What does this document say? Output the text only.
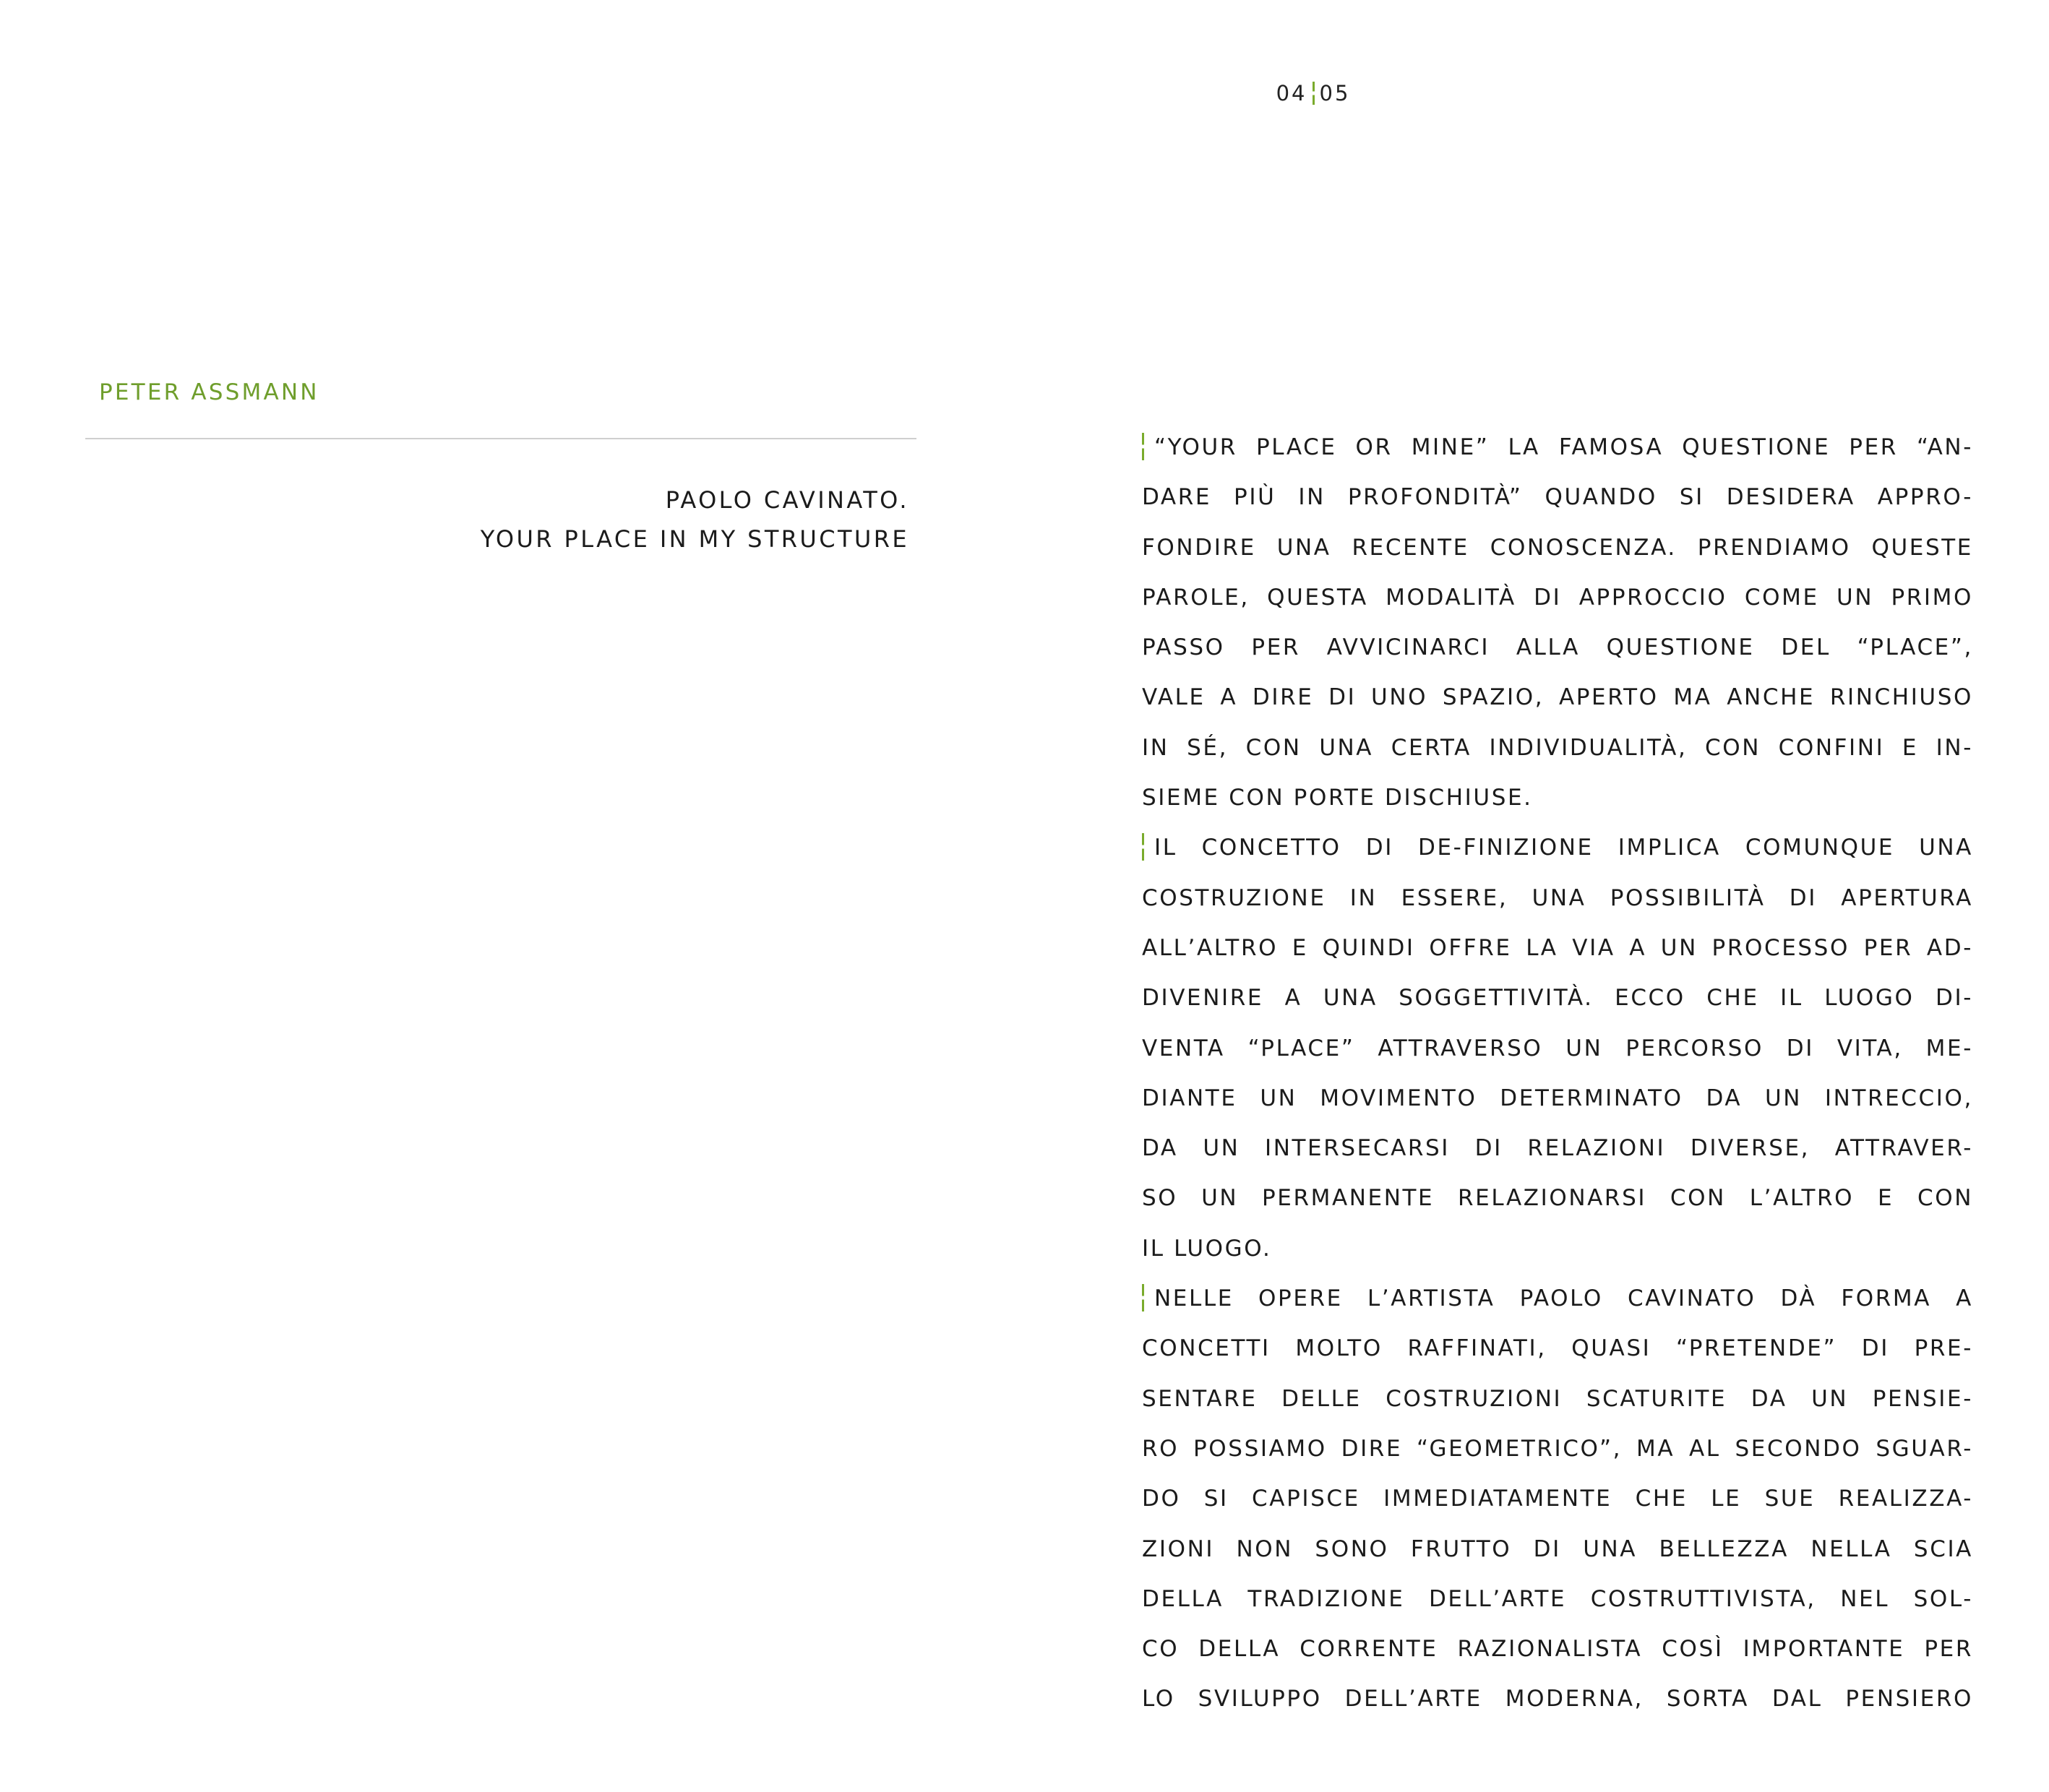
04 05
PETER ASSMANN
PAOLO CAVINATO.
YOUR PLACE IN MY STRUCTURE
“YOUR PLACE OR MINE” LA FAMOSA QUESTIONE PER “AN-
DARE PIÙ IN PROFONDITÀ” QUANDO SI DESIDERA APPRO-
FONDIRE UNA RECENTE CONOSCENZA. PRENDIAMO QUESTE
PAROLE, QUESTA MODALITÀ DI APPROCCIO COME UN PRIMO
PASSO PER AVVICINARCI ALLA QUESTIONE DEL “PLACE”,
VALE A DIRE DI UNO SPAZIO, APERTO MA ANCHE RINCHIUSO
IN SÉ, CON UNA CERTA INDIVIDUALITÀ, CON CONFINI E IN-
SIEME CON PORTE DISCHIUSE.
IL CONCETTO DI DE-FINIZIONE IMPLICA COMUNQUE UNA
COSTRUZIONE IN ESSERE, UNA POSSIBILITÀ DI APERTURA
ALL’ALTRO E QUINDI OFFRE LA VIA A UN PROCESSO PER AD-
DIVENIRE A UNA SOGGETTIVITÀ. ECCO CHE IL LUOGO DI-
VENTA “PLACE” ATTRAVERSO UN PERCORSO DI VITA, ME-
DIANTE UN MOVIMENTO DETERMINATO DA UN INTRECCIO,
DA UN INTERSECARSI DI RELAZIONI DIVERSE, ATTRAVER-
SO UN PERMANENTE RELAZIONARSI CON L’ALTRO E CON
IL LUOGO.
NELLE OPERE L’ARTISTA PAOLO CAVINATO DÀ FORMA A
CONCETTI MOLTO RAFFINATI, QUASI “PRETENDE” DI PRE-
SENTARE DELLE COSTRUZIONI SCATURITE DA UN PENSIE-
RO POSSIAMO DIRE “GEOMETRICO”, MA AL SECONDO SGUAR-
DO SI CAPISCE IMMEDIATAMENTE CHE LE SUE REALIZZA-
ZIONI NON SONO FRUTTO DI UNA BELLEZZA NELLA SCIA
DELLA TRADIZIONE DELL’ARTE COSTRUTTIVISTA, NEL SOL-
CO DELLA CORRENTE RAZIONALISTA COSÌ IMPORTANTE PER
LO SVILUPPO DELL’ARTE MODERNA, SORTA DAL PENSIERO
